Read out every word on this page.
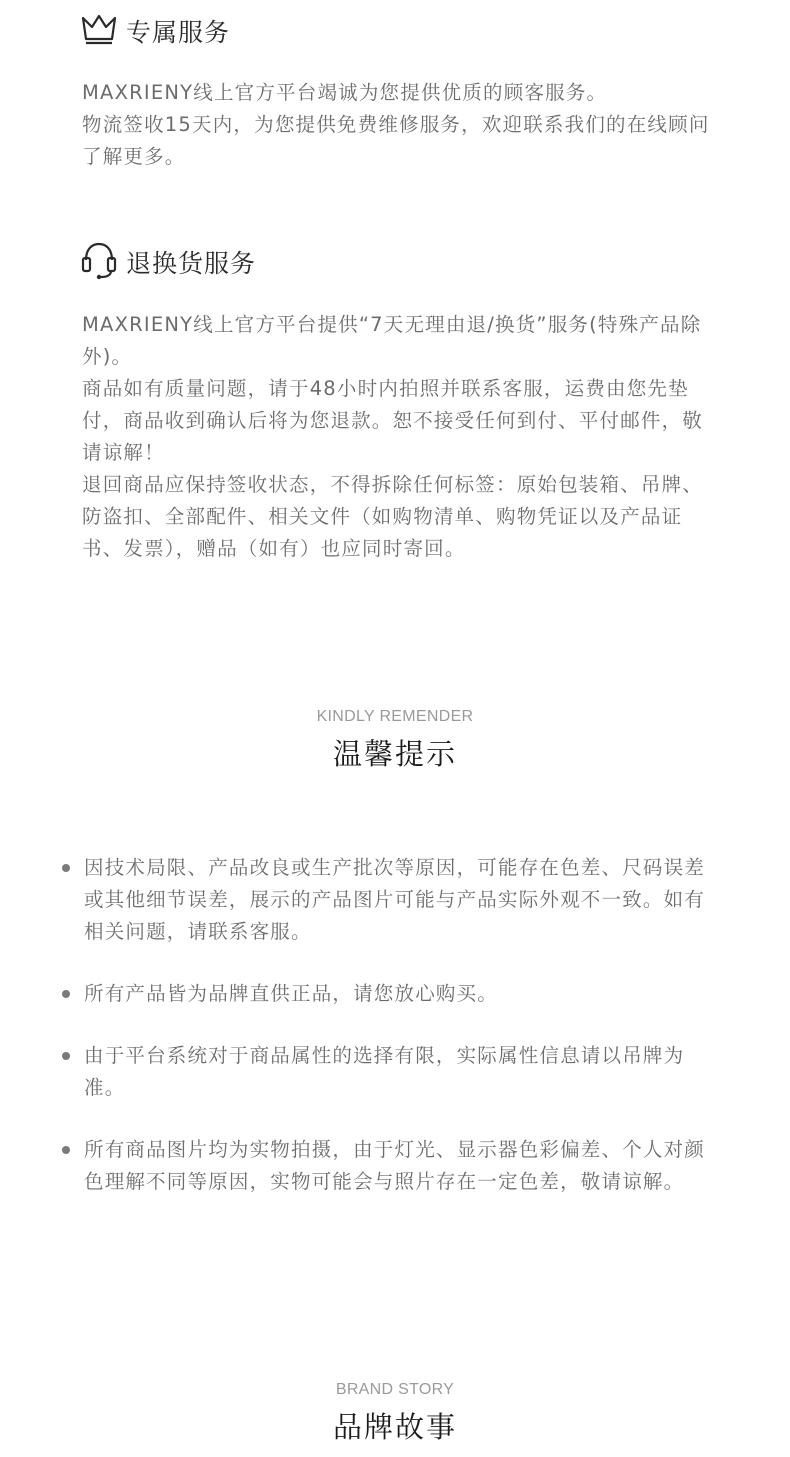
专属服务

MAXRIENY线上官方平台竭诚为您提供优质的顾客服务。

物流签收15天内，为您提供免费维修服务，欢迎联系我们的在线顾问了解更多。

退换货服务

MAXRIENY线上官方平台提供“7天无理由退/换货”服务(特殊产品除外)。

商品如有质量问题，请于48小时内拍照并联系客服，运费由您先垫付，商品收到确认后将为您退款。恕不接受任何到付、平付邮件，敬请谅解！

退回商品应保持签收状态，不得拆除任何标签：原始包装箱、吊牌、防盗扣、全部配件、相关文件（如购物清单、购物凭证以及产品证书、发票），赠品（如有）也应同时寄回。

KINDLY REMENDER
温馨提示
因技术局限、产品改良或生产批次等原因，可能存在色差、尺码误差或其他细节误差，展示的产品图片可能与产品实际外观不一致。如有相关问题，请联系客服。
所有产品皆为品牌直供正品，请您放心购买。
由于平台系统对于商品属性的选择有限，实际属性信息请以吊牌为准。
所有商品图片均为实物拍摄，由于灯光、显示器色彩偏差、个人对颜色理解不同等原因，实物可能会与照片存在一定色差，敬请谅解。
BRAND STORY
品牌故事
